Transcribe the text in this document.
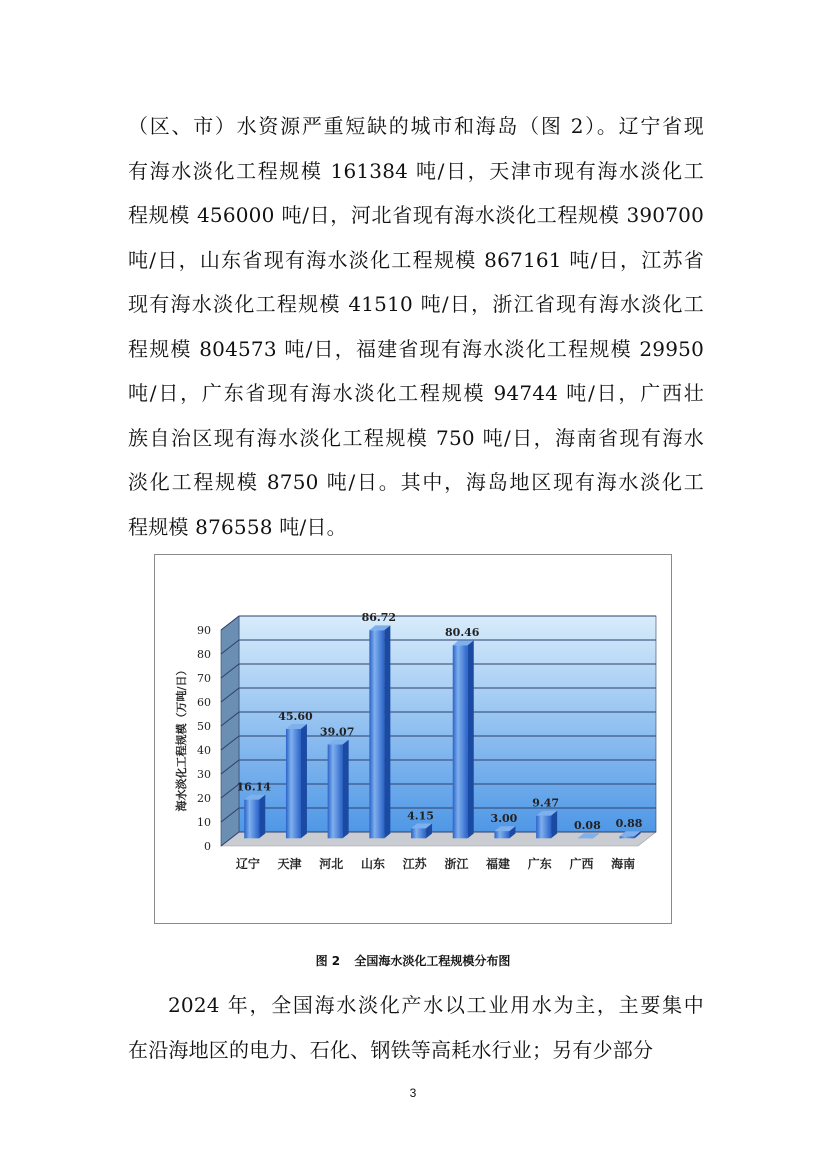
（区、市）水资源严重短缺的城市和海岛（图 2）。辽宁省现
有海水淡化工程规模 161384 吨/日，天津市现有海水淡化工
程规模 456000 吨/日，河北省现有海水淡化工程规模 390700
吨/日，山东省现有海水淡化工程规模 867161 吨/日，江苏省
现有海水淡化工程规模 41510 吨/日，浙江省现有海水淡化工
程规模 804573 吨/日，福建省现有海水淡化工程规模 29950
吨/日，广东省现有海水淡化工程规模 94744 吨/日，广西壮
族自治区现有海水淡化工程规模 750 吨/日，海南省现有海水
淡化工程规模 8750 吨/日。其中，海岛地区现有海水淡化工
程规模 876558 吨/日。
0
10
20
30
40
50
60
70
80
90
海水淡化工程规模（万吨/日）	16.14
辽宁
45.60
天津
39.07
河北
86.72
山东
4.15
江苏
80.46
浙江
3.00
福建
9.47
广东
0.08
广西
0.88
海南
图 2 全国海水淡化工程规模分布图
2024 年，全国海水淡化产水以工业用水为主，主要集中
在沿海地区的电力、石化、钢铁等高耗水行业；另有少部分
3
